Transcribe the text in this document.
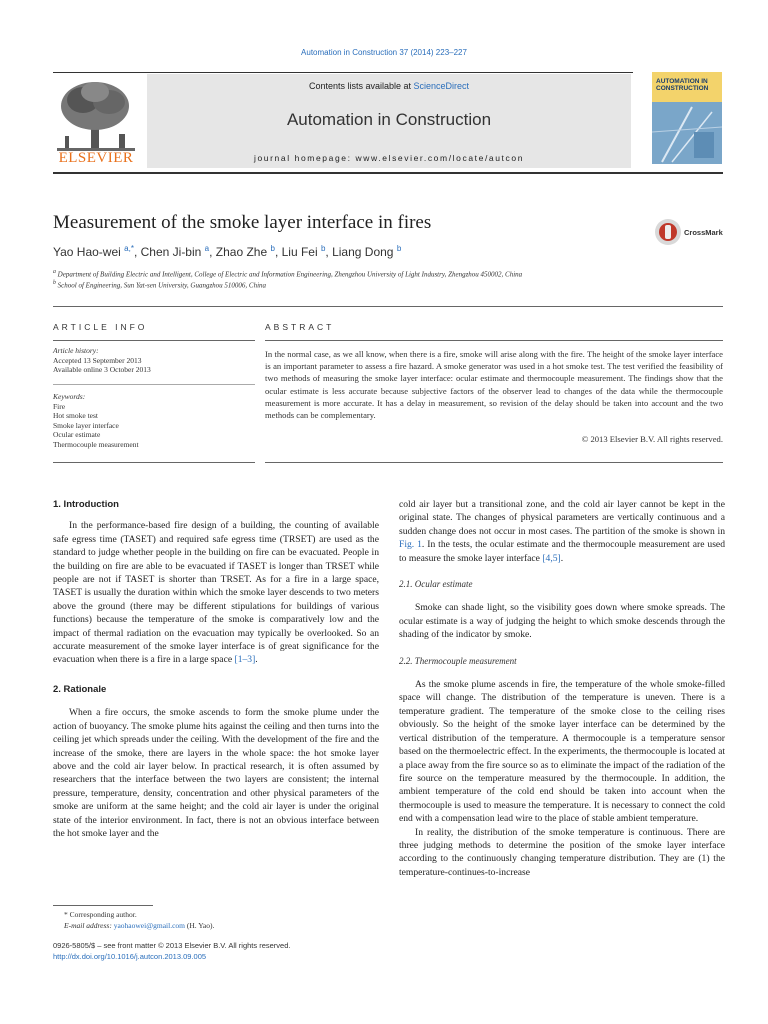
Automation in Construction 37 (2014) 223–227
ELSEVIER
Contents lists available at ScienceDirect
Automation in Construction
journal homepage: www.elsevier.com/locate/autcon
AUTOMATION IN CONSTRUCTION
Measurement of the smoke layer interface in fires	CrossMark
Yao Hao-wei $^{a,*}$, Chen Ji-bin $^a$, Zhao Zhe $^b$, Liu Fei $^b$, Liang Dong $^b$
$^a$ Department of Building Electric and Intelligent, College of Electric and Information Engineering, Zhengzhou University of Light Industry, Zhengzhou 450002, China
$^b$ School of Engineering, Sun Yat-sen University, Guangzhou 510006, China
ARTICLE INFO
Article history:
Accepted 13 September 2013
Available online 3 October 2013
Keywords:
Fire
Hot smoke test
Smoke layer interface
Ocular estimate
Thermocouple measurement
ABSTRACT
In the normal case, as we all know, when there is a fire, smoke will arise along with the fire. The height of the smoke layer interface is an important parameter to assess a fire hazard. A smoke generator was used in a hot smoke test. The test verified the feasibility of two methods of measuring the smoke layer interface: ocular estimate and thermocouple measurement. The findings show that the ocular estimate is less accurate because subjective factors of the observer lead to changes of the data while the thermocouple measurement is more accurate. It has a delay in measurement, so revision of the delay should be taken into account and the two methods can be complementary.
© 2013 Elsevier B.V. All rights reserved.
1. Introduction

In the performance-based fire design of a building, the counting of available safe egress time (TASET) and required safe egress time (TRSET) are used as the standard to judge whether people in the building on fire can be evacuated. People in the building on fire are able to be evacuated if TASET is longer than TRSET while people are not if TASET is shorter than TRSET. As for a fire in a large space, TASET is usually the duration within which the smoke layer descends to two meters above the ground (there may be different stipulations for buildings of various functions) because the temperature of the smoke is comparatively low and the impact of thermal radiation on the evacuation may typically be overlooked. So an accurate measurement of the smoke layer interface is of great significance for the evacuation when there is a fire in a large space [1–3].

2. Rationale

When a fire occurs, the smoke ascends to form the smoke plume under the action of buoyancy. The smoke plume hits against the ceiling and then turns into the ceiling jet which spreads under the ceiling. With the development of the fire and the increase of the smoke, there are layers in the whole space: the hot smoke layer above and the cold air layer below. In practical research, it is often assumed by researchers that the interface between the two layers are consistent; the internal pressure, temperature, density, concentration and other physical parameters of the smoke are uniform at the same height; and the cold air layer is under the original state of the interior environment. In fact, there is not an obvious interface between the hot smoke layer and the

cold air layer but a transitional zone, and the cold air layer cannot be kept in the original state. The changes of physical parameters are vertically continuous and a sudden change does not occur in most cases. The partition of the smoke is shown in Fig. 1. In the tests, the ocular estimate and the thermocouple measurement are used to measure the smoke layer interface [4,5].

2.1. Ocular estimate

Smoke can shade light, so the visibility goes down where smoke spreads. The ocular estimate is a way of judging the height to which smoke descends through the shading of the indicator by smoke.

2.2. Thermocouple measurement

As the smoke plume ascends in fire, the temperature of the whole smoke-filled space will change. The distribution of the temperature is uneven. There is a temperature gradient. The temperature of the smoke close to the ceiling rises obviously. So the height of the smoke layer interface can be determined by the vertical distribution of the temperature. A thermocouple is a temperature sensor based on the thermoelectric effect. In the experiments, the thermocouple is located at a place away from the fire source so as to eliminate the impact of the radiation of the fire source on the temperature measured by the thermocouple. In addition, the ambient temperature of the cold end should be taken into account when the thermocouple is used to measure the temperature. It is necessary to connect the cold end with a compensation lead wire to the place of stable ambient temperature.

In reality, the distribution of the smoke temperature is continuous. There are three judging methods to determine the position of the smoke layer interface according to the continuously changing temperature distribution. They are (1) the temperature-continues-to-increase

* Corresponding author.
E-mail address: yaohaowei@gmail.com (H. Yao).
0926-5805/$ – see front matter © 2013 Elsevier B.V. All rights reserved.
http://dx.doi.org/10.1016/j.autcon.2013.09.005
